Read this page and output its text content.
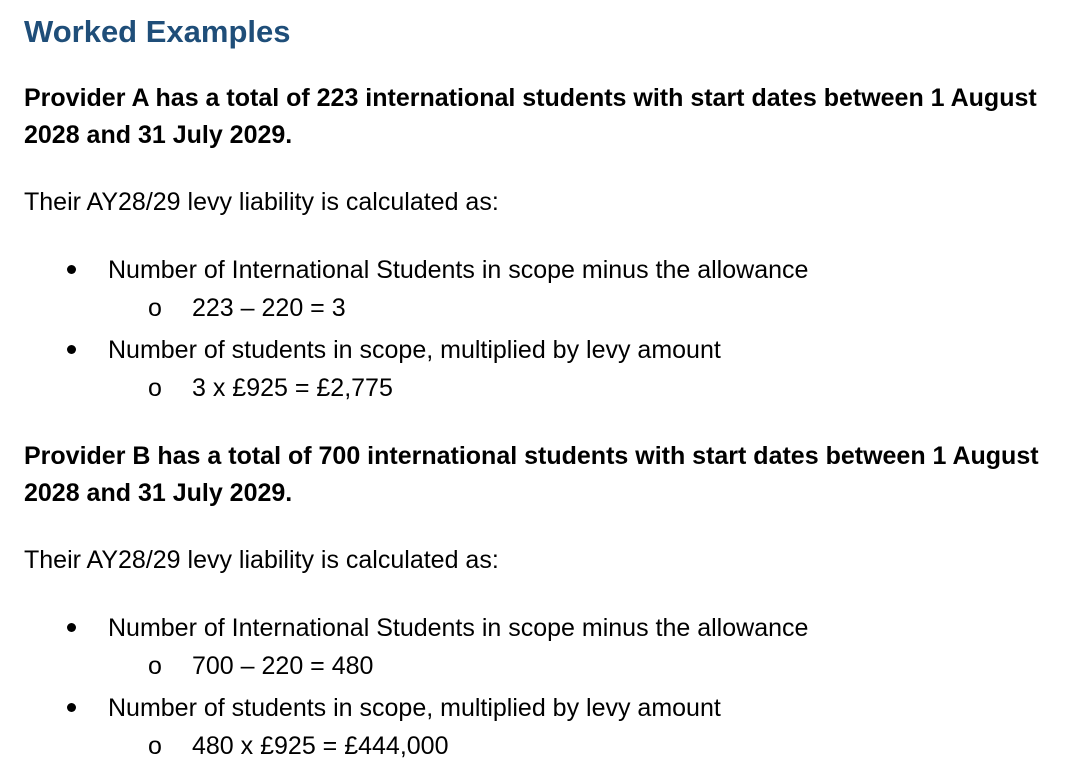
Worked Examples

Provider A has a total of 223 international students with start dates between 1 August 2028 and 31 July 2029.

Their AY28/29 levy liability is calculated as:

Number of International Students in scope minus the allowance
o 223 – 220 = 3
Number of students in scope, multiplied by levy amount
o 3 x £925 = £2,775

Provider B has a total of 700 international students with start dates between 1 August 2028 and 31 July 2029.

Their AY28/29 levy liability is calculated as:

Number of International Students in scope minus the allowance
o 700 – 220 = 480
Number of students in scope, multiplied by levy amount
o 480 x £925 = £444,000
